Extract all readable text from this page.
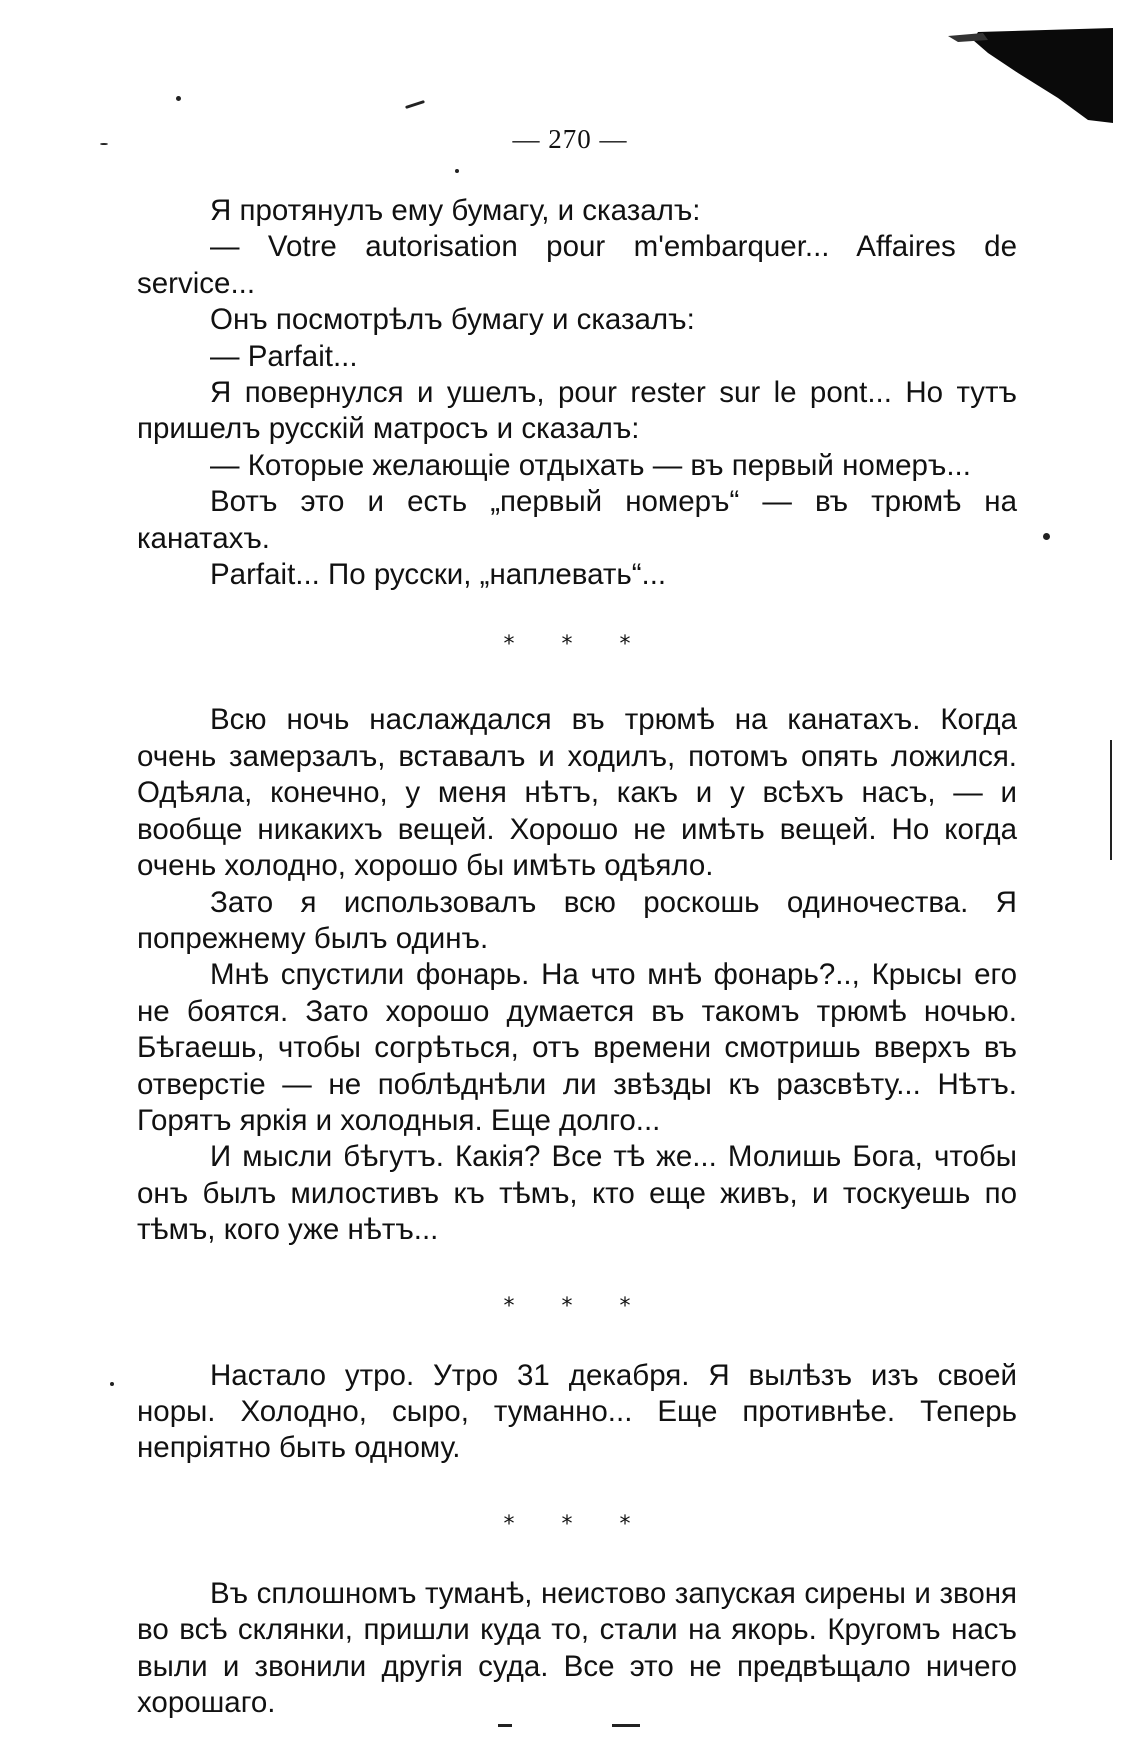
— 270 —

Я протянулъ ему бумагу, и сказалъ:

— Votre autorisation pour m'embarquer... Affaires de service...

Онъ посмотрѣлъ бумагу и сказалъ:

— Parfait...

Я повернулся и ушелъ, pour rester sur le pont... Но тутъ пришелъ русскій матросъ и сказалъ:

— Которые желающіе отдыхать — въ первый номеръ...

Вотъ это и есть „первый номеръ“ — въ трюмѣ на канатахъ.

Parfait... По русски, „наплевать“...

* * *

Всю ночь наслаждался въ трюмѣ на канатахъ. Когда очень замерзалъ, вставалъ и ходилъ, потомъ опять ложился. Одѣяла, конечно, у меня нѣтъ, какъ и у всѣхъ насъ, — и вообще никакихъ вещей. Хорошо не имѣть вещей. Но когда очень холодно, хорошо бы имѣть одѣяло.

Зато я использовалъ всю роскошь одиночества. Я попрежнему былъ одинъ.

Мнѣ спустили фонарь. На что мнѣ фонарь?.., Крысы его не боятся. Зато хорошо думается въ такомъ трюмѣ ночью. Бѣгаешь, чтобы согрѣться, отъ времени смотришь вверхъ въ отверстіе — не поблѣднѣли ли звѣзды къ разсвѣту... Нѣтъ. Горятъ яркія и холодныя. Еще долго...

И мысли бѣгутъ. Какія? Все тѣ же... Молишь Бога, чтобы онъ былъ милостивъ къ тѣмъ, кто еще живъ, и тоскуешь по тѣмъ, кого уже нѣтъ...

* * *

Настало утро. Утро 31 декабря. Я вылѣзъ изъ своей норы. Холодно, сыро, туманно... Еще противнѣе. Теперь непріятно быть одному.

* * *

Въ сплошномъ туманѣ, неистово запуская сирены и звоня во всѣ склянки, пришли куда то, стали на якорь. Кругомъ насъ выли и звонили другія суда. Все это не предвѣщало ничего хорошаго.
